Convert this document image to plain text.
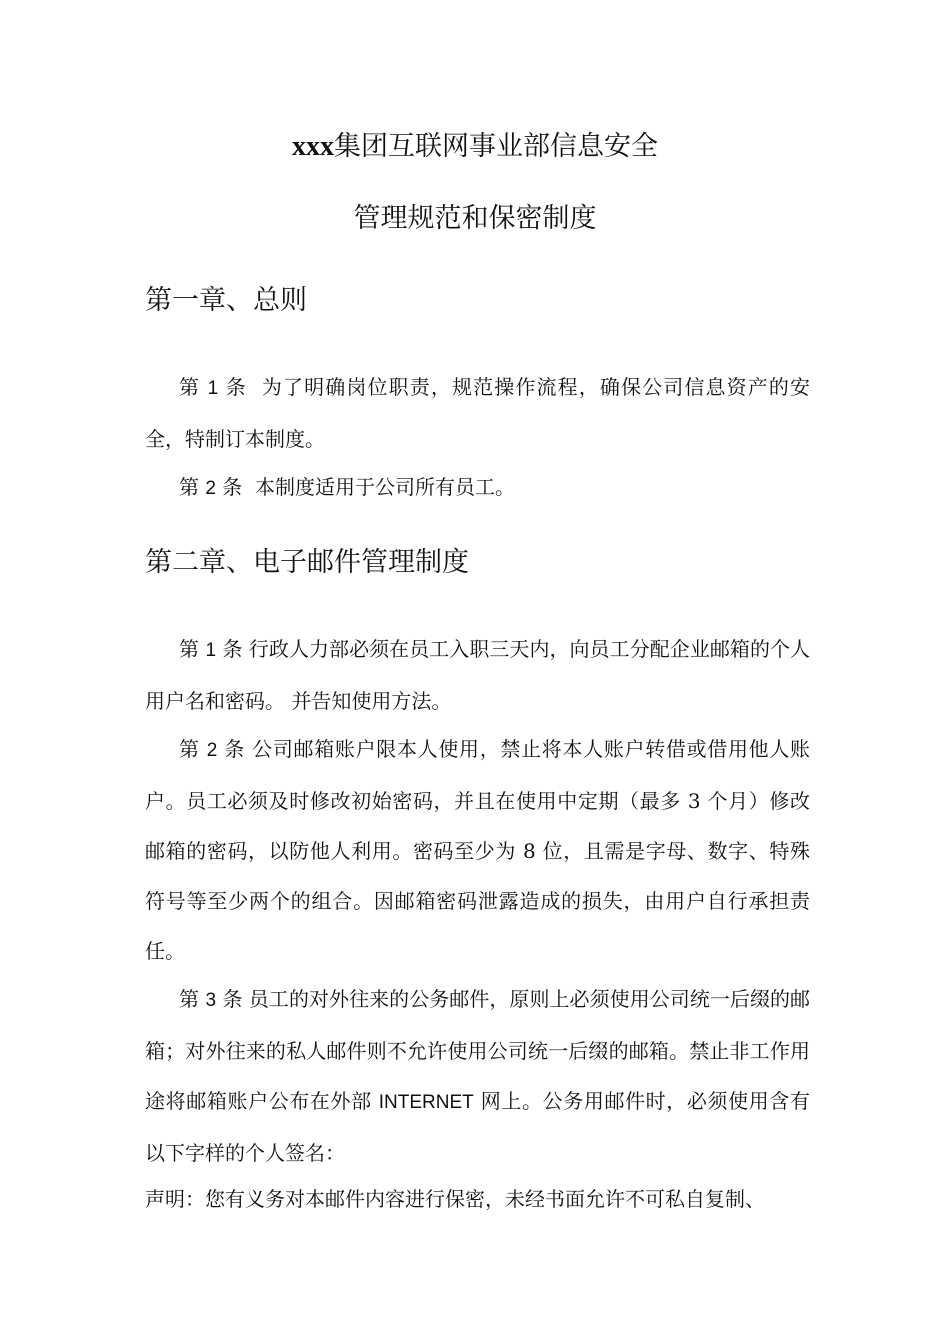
xxx集团互联网事业部信息安全
管理规范和保密制度
第一章、总则

第 1 条 为了明确岗位职责，规范操作流程，确保公司信息资产的安全，特制订本制度。

第 2 条 本制度适用于公司所有员工。

第二章、电子邮件管理制度

第 1 条 行政人力部必须在员工入职三天内，向员工分配企业邮箱的个人用户名和密码。 并告知使用方法。

第 2 条 公司邮箱账户限本人使用，禁止将本人账户转借或借用他人账户。员工必须及时修改初始密码，并且在使用中定期（最多 3 个月）修改邮箱的密码，以防他人利用。密码至少为 8 位，且需是字母、数字、特殊符号等至少两个的组合。因邮箱密码泄露造成的损失，由用户自行承担责任。

第 3 条 员工的对外往来的公务邮件，原则上必须使用公司统一后缀的邮箱；对外往来的私人邮件则不允许使用公司统一后缀的邮箱。禁止非工作用途将邮箱账户公布在外部 INTERNET 网上。公务用邮件时，必须使用含有以下字样的个人签名：

声明：您有义务对本邮件内容进行保密，未经书面允许不可私自复制、
